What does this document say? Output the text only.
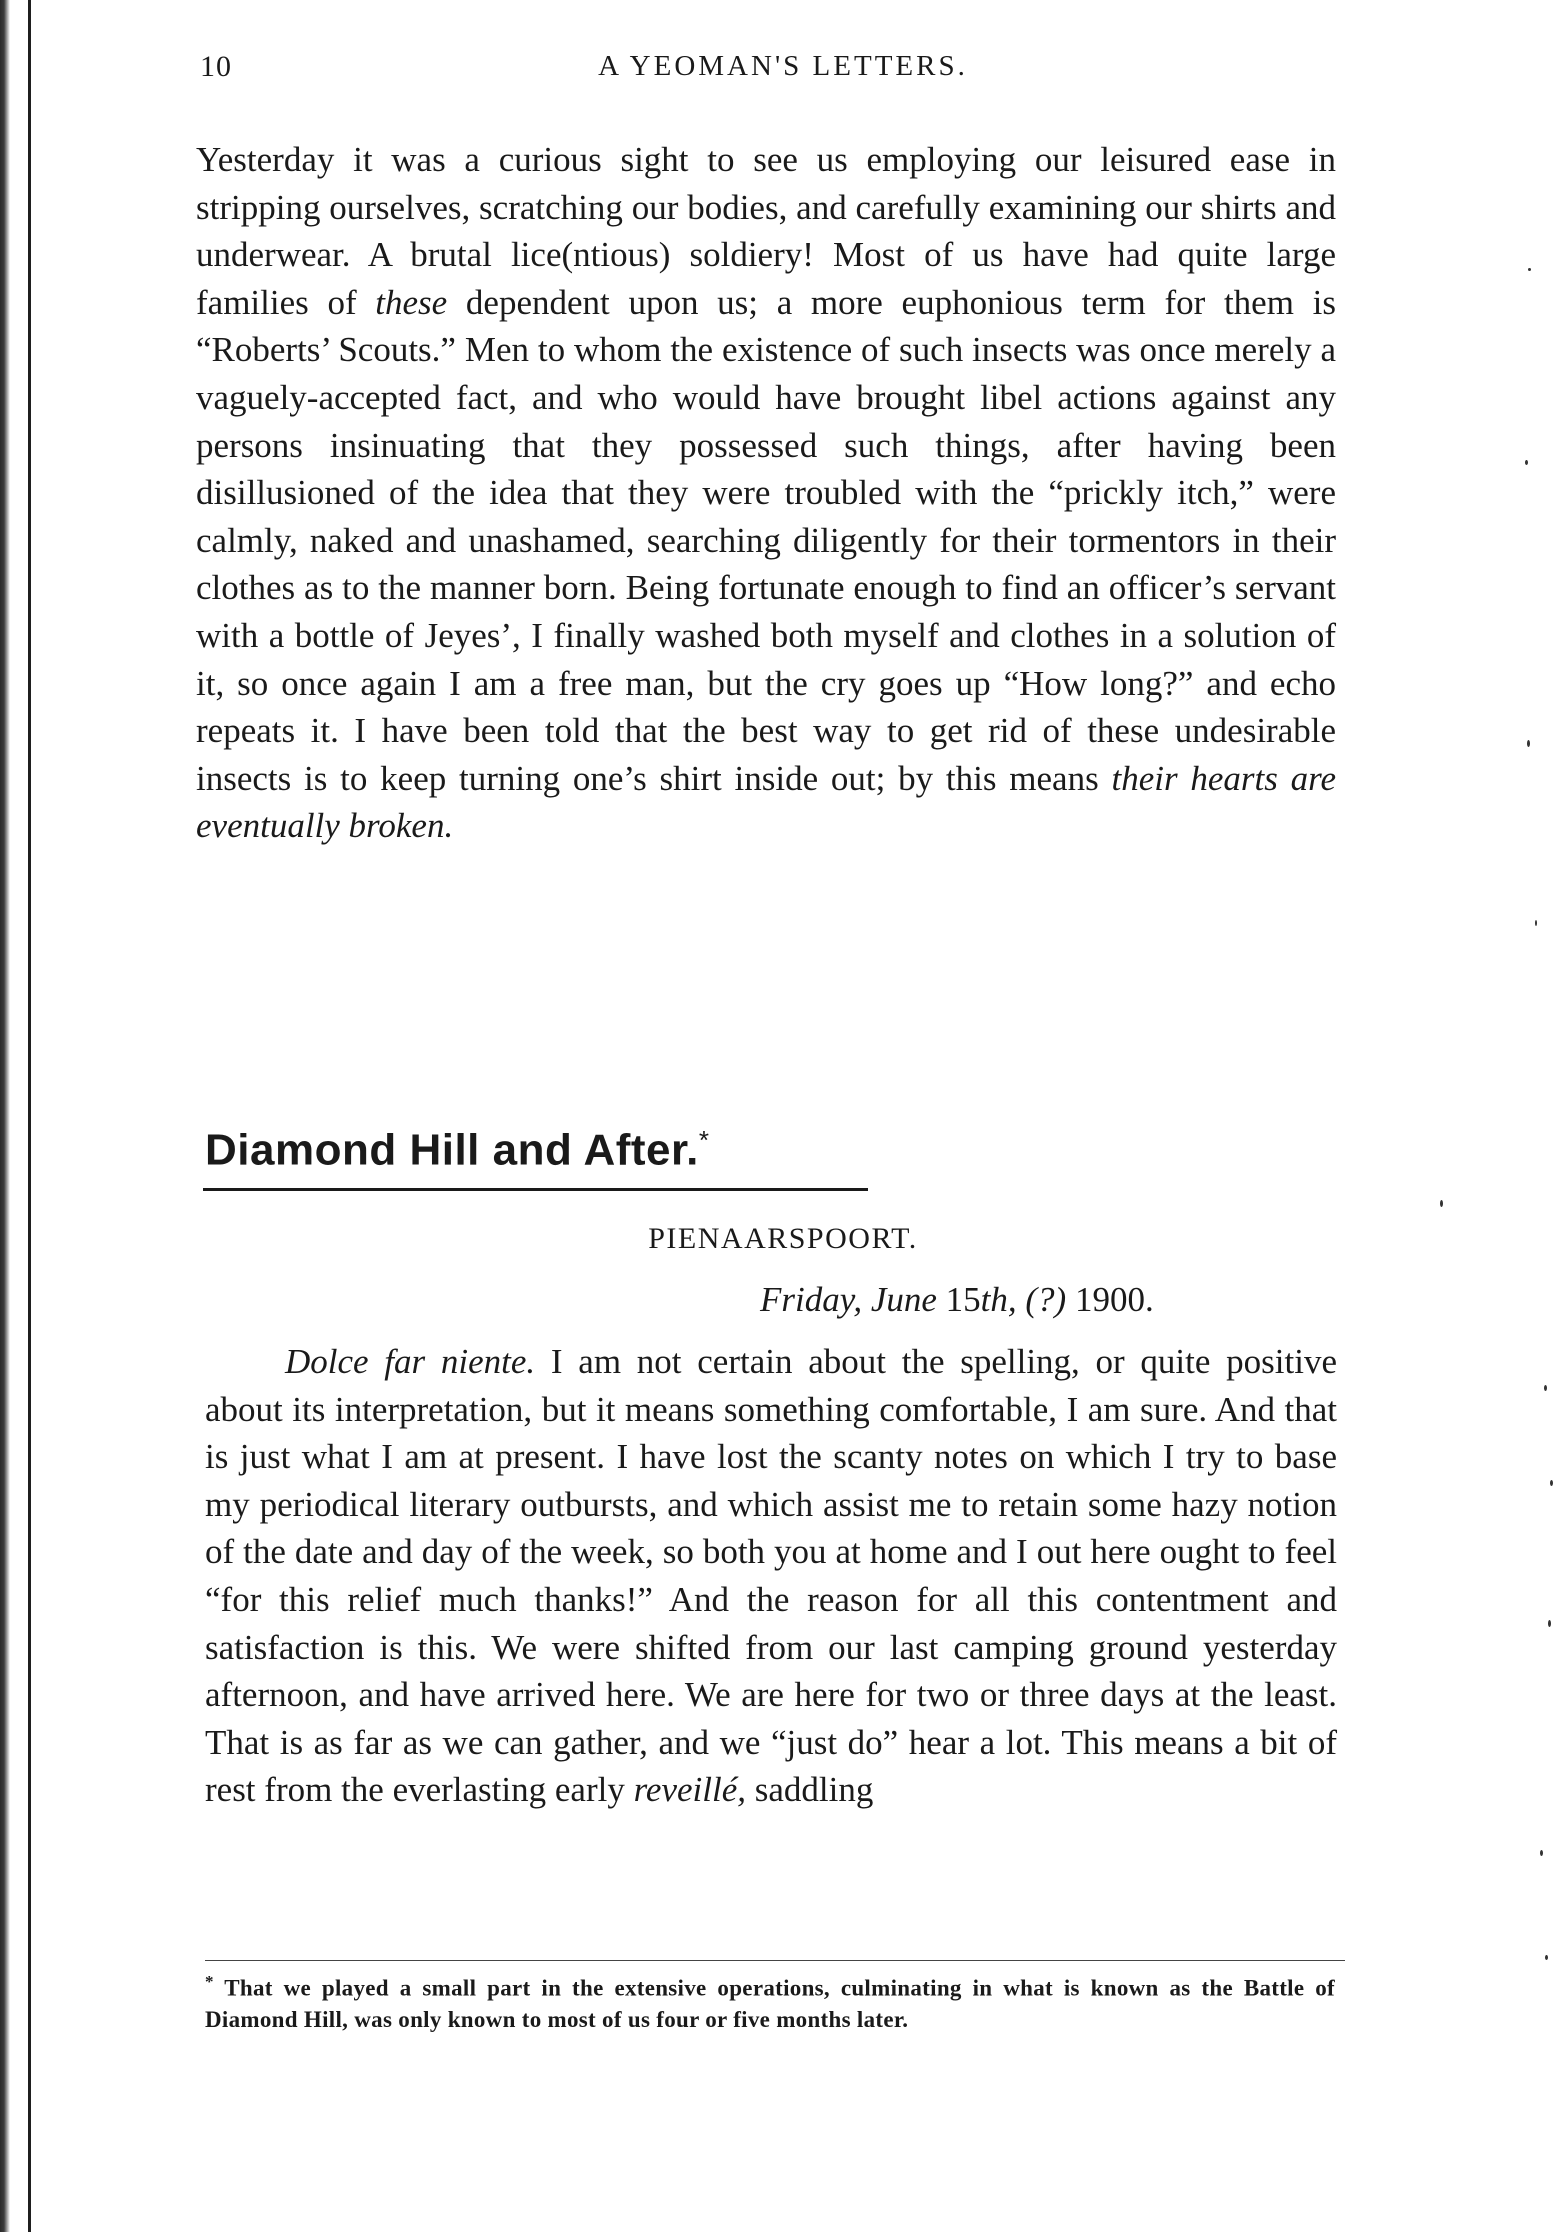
10	A YEOMAN'S LETTERS.

Yesterday it was a curious sight to see us employing our leisured ease in stripping ourselves, scratching our bodies, and carefully examining our shirts and underwear. A brutal lice(ntious) soldiery! Most of us have had quite large families of these dependent upon us; a more euphonious term for them is “Roberts’ Scouts.” Men to whom the existence of such insects was once merely a vaguely-accepted fact, and who would have brought libel actions against any persons insinuating that they possessed such things, after having been disillusioned of the idea that they were troubled with the “prickly itch,” were calmly, naked and unashamed, searching diligently for their tormentors in their clothes as to the manner born. Being fortunate enough to find an officer’s servant with a bottle of Jeyes’, I finally washed both myself and clothes in a solution of it, so once again I am a free man, but the cry goes up “How long?” and echo repeats it. I have been told that the best way to get rid of these undesirable insects is to keep turning one’s shirt inside out; by this means their hearts are eventually broken.

Diamond Hill and After.*
PIENAARSPOORT.
Friday, June 15th, (?) 1900.

Dolce far niente. I am not certain about the spelling, or quite positive about its interpretation, but it means something comfortable, I am sure. And that is just what I am at present. I have lost the scanty notes on which I try to base my periodical literary outbursts, and which assist me to retain some hazy notion of the date and day of the week, so both you at home and I out here ought to feel “for this relief much thanks!” And the reason for all this contentment and satisfaction is this. We were shifted from our last camping ground yesterday afternoon, and have arrived here. We are here for two or three days at the least. That is as far as we can gather, and we “just do” hear a lot. This means a bit of rest from the everlasting early reveillé, saddling

* That we played a small part in the extensive operations, culminating in what is known as the Battle of Diamond Hill, was only known to most of us four or five months later.
